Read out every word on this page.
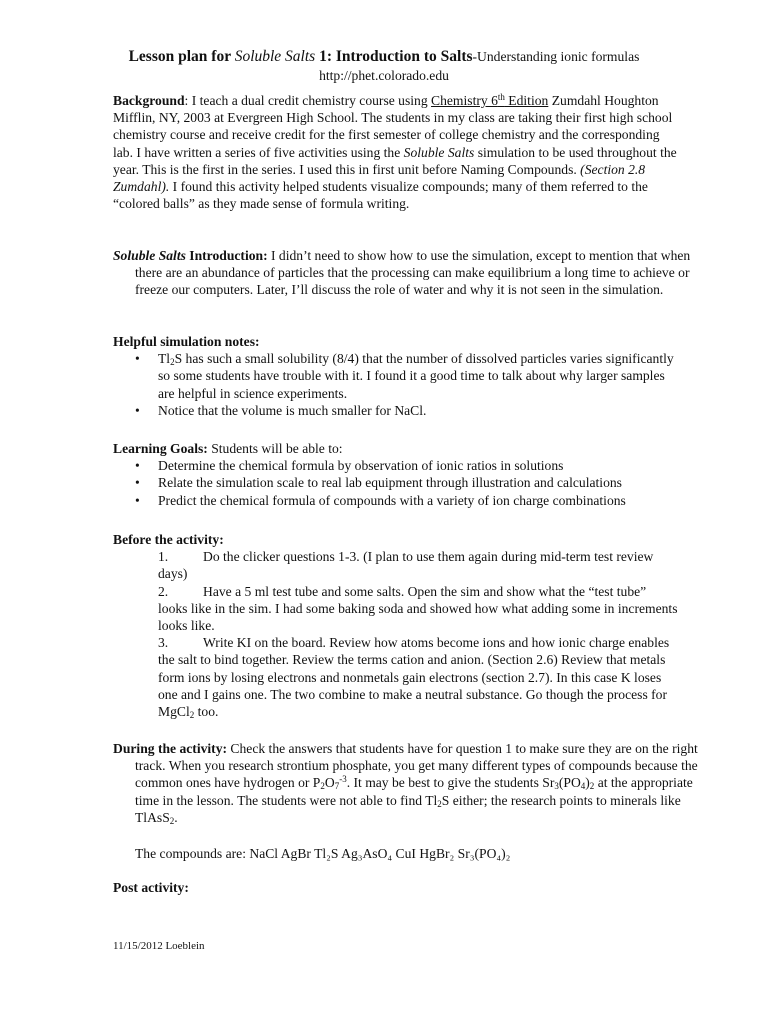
Lesson plan for Soluble Salts 1: Introduction to Salts-Understanding ionic formulas
http://phet.colorado.edu
Background: I teach a dual credit chemistry course using Chemistry 6th Edition Zumdahl Houghton Mifflin, NY, 2003 at Evergreen High School. The students in my class are taking their first high school chemistry course and receive credit for the first semester of college chemistry and the corresponding lab. I have written a series of five activities using the Soluble Salts simulation to be used throughout the year. This is the first in the series. I used this in first unit before Naming Compounds. (Section 2.8 Zumdahl). I found this activity helped students visualize compounds; many of them referred to the “colored balls” as they made sense of formula writing.
Soluble Salts Introduction: I didn’t need to show how to use the simulation, except to mention that when there are an abundance of particles that the processing can make equilibrium a long time to achieve or freeze our computers. Later, I’ll discuss the role of water and why it is not seen in the simulation.
Helpful simulation notes:
• $Tl_2S$ has such a small solubility (8/4) that the number of dissolved particles varies significantly so some students have trouble with it. I found it a good time to talk about why larger samples are helpful in science experiments.
• Notice that the volume is much smaller for NaCl.
Learning Goals: Students will be able to:
• Determine the chemical formula by observation of ionic ratios in solutions
• Relate the simulation scale to real lab equipment through illustration and calculations
• Predict the chemical formula of compounds with a variety of ion charge combinations
Before the activity:
1.	Do the clicker questions 1-3. (I plan to use them again during mid-term test review days)
2.	Have a 5 ml test tube and some salts. Open the sim and show what the “test tube” looks like in the sim. I had some baking soda and showed how what adding some in increments looks like.
3.	Write KI on the board. Review how atoms become ions and how ionic charge enables the salt to bind together. Review the terms cation and anion. (Section 2.6) Review that metals form ions by losing electrons and nonmetals gain electrons (section 2.7). In this case K loses one and I gains one. The two combine to make a neutral substance. Go though the process for MgCl$_2$ too.
During the activity: Check the answers that students have for question 1 to make sure they are on the right track. When you research strontium phosphate, you get many different types of compounds because the common ones have hydrogen or $P_2O_7^{-3}$. It may be best to give the students $Sr_3(PO_4)_2$ at the appropriate time in the lesson. The students were not able to find $Tl_2S$ either; the research points to minerals like TlAsS$_2$.
The compounds are: NaCl AgBr Tl₂S Ag₃AsO₄ CuI HgBr₂ Sr₃(PO₄)₂
Post activity:
11/15/2012 Loeblein
